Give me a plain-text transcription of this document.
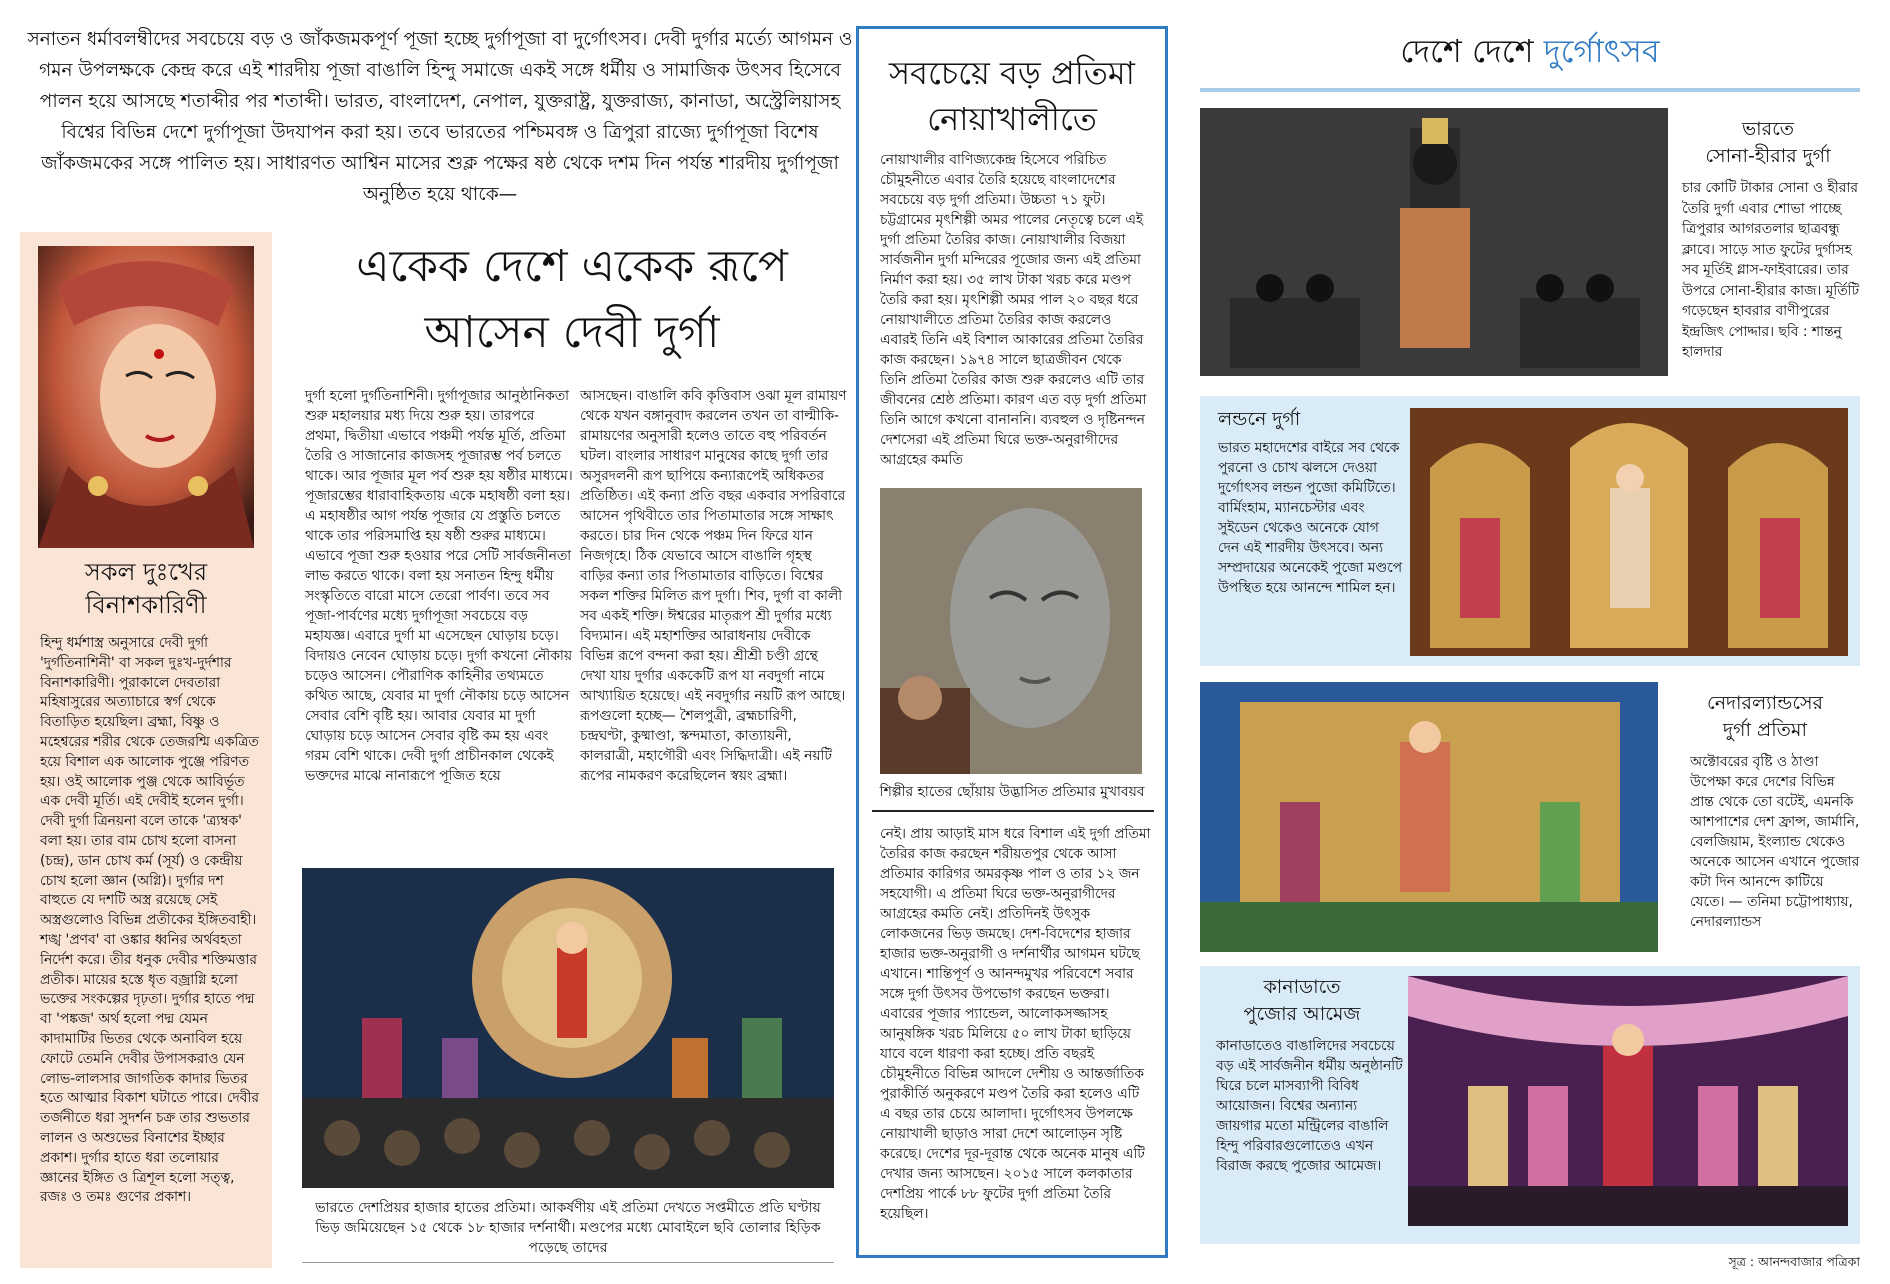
সনাতন ধর্মাবলম্বীদের সবচেয়ে বড় ও জাঁকজমকপূর্ণ পূজা হচ্ছে দুর্গাপূজা বা দুর্গোৎসব। দেবী দুর্গার মর্ত্যে আগমন ও গমন উপলক্ষকে কেন্দ্র করে এই শারদীয় পূজা বাঙালি হিন্দু সমাজে একই সঙ্গে ধর্মীয় ও সামাজিক উৎসব হিসেবে পালন হয়ে আসছে শতাব্দীর পর শতাব্দী। ভারত, বাংলাদেশ, নেপাল, যুক্তরাষ্ট্র, যুক্তরাজ্য, কানাডা, অস্ট্রেলিয়াসহ বিশ্বের বিভিন্ন দেশে দুর্গাপূজা উদযাপন করা হয়। তবে ভারতের পশ্চিমবঙ্গ ও ত্রিপুরা রাজ্যে দুর্গাপূজা বিশেষ জাঁকজমকের সঙ্গে পালিত হয়। সাধারণত আশ্বিন মাসের শুক্ল পক্ষের ষষ্ঠ থেকে দশম দিন পর্যন্ত শারদীয় দুর্গাপূজা অনুষ্ঠিত হয়ে থাকে—
সকল দুঃখের বিনাশকারিণী
হিন্দু ধর্মশাস্ত্র অনুসারে দেবী দুর্গা 'দুর্গতিনাশিনী' বা সকল দুঃখ-দুর্দশার বিনাশকারিণী। পুরাকালে দেবতারা মহিষাসুরের অত্যাচারে স্বর্গ থেকে বিতাড়িত হয়েছিল। ব্রহ্মা, বিষ্ণু ও মহেশ্বরের শরীর থেকে তেজরশ্মি একত্রিত হয়ে বিশাল এক আলোক পুঞ্জে পরিণত হয়। ওই আলোক পুঞ্জ থেকে আবির্ভূত এক দেবী মূর্তি। এই দেবীই হলেন দুর্গা। দেবী দুর্গা ত্রিনয়না বলে তাকে 'ত্র্যম্বক' বলা হয়। তার বাম চোখ হলো বাসনা (চন্দ্র), ডান চোখ কর্ম (সূর্য) ও কেন্দ্রীয় চোখ হলো জ্ঞান (অগ্নি)। দুর্গার দশ বাহুতে যে দশটি অস্ত্র রয়েছে সেই অস্ত্রগুলোও বিভিন্ন প্রতীকের ইঙ্গিতবাহী। শঙ্খ 'প্রণব' বা ওঙ্কার ধ্বনির অর্থবহতা নির্দেশ করে। তীর ধনুক দেবীর শক্তিমত্তার প্রতীক। মায়ের হস্তে ধৃত বজ্রাগ্নি হলো ভক্তের সংকল্পের দৃঢ়তা। দুর্গার হাতে পদ্ম বা 'পঙ্কজ' অর্থ হলো পদ্ম যেমন কাদামাটির ভিতর থেকে অনাবিল হয়ে ফোটে তেমনি দেবীর উপাসকরাও যেন লোভ-লালসার জাগতিক কাদার ভিতর হতে আত্মার বিকাশ ঘটাতে পারে। দেবীর তর্জনীতে ধরা সুদর্শন চক্র তার শুভতার লালন ও অশুভের বিনাশের ইচ্ছার প্রকাশ। দুর্গার হাতে ধরা তলোয়ার জ্ঞানের ইঙ্গিত ও ত্রিশূল হলো সত্ত্ব, রজঃ ও তমঃ গুণের প্রকাশ।
একেক দেশে একেক রূপে
আসেন দেবী দুর্গা
দুর্গা হলো দুর্গতিনাশিনী। দুর্গাপূজার আনুষ্ঠানিকতা শুরু মহালয়ার মধ্য দিয়ে শুরু হয়। তারপরে প্রথমা, দ্বিতীয়া এভাবে পঞ্চমী পর্যন্ত মূর্তি, প্রতিমা তৈরি ও সাজানোর কাজসহ পূজারম্ভ পর্ব চলতে থাকে। আর পূজার মূল পর্ব শুরু হয় ষষ্ঠীর মাধ্যমে। পূজারম্ভের ধারাবাহিকতায় একে মহাষষ্ঠী বলা হয়। এ মহাষষ্ঠীর আগ পর্যন্ত পূজার যে প্রস্তুতি চলতে থাকে তার পরিসমাপ্তি হয় ষষ্ঠী শুরুর মাধ্যমে। এভাবে পূজা শুরু হওয়ার পরে সেটি সার্বজনীনতা লাভ করতে থাকে। বলা হয় সনাতন হিন্দু ধর্মীয় সংস্কৃতিতে বারো মাসে তেরো পার্বণ। তবে সব পূজা-পার্বণের মধ্যে দুর্গাপূজা সবচেয়ে বড় মহাযজ্ঞ। এবারে দুর্গা মা এসেছেন ঘোড়ায় চড়ে। বিদায়ও নেবেন ঘোড়ায় চড়ে। দুর্গা কখনো নৌকায় চড়েও আসেন। পৌরাণিক কাহিনীর তথ্যমতে কথিত আছে, যেবার মা দুর্গা নৌকায় চড়ে আসেন সেবার বেশি বৃষ্টি হয়। আবার যেবার মা দুর্গা ঘোড়ায় চড়ে আসেন সেবার বৃষ্টি কম হয় এবং গরম বেশি থাকে। দেবী দুর্গা প্রাচীনকাল থেকেই ভক্তদের মাঝে নানারূপে পূজিত হয়ে
আসছেন। বাঙালি কবি কৃত্তিবাস ওঝা মূল রামায়ণ থেকে যখন বঙ্গানুবাদ করলেন তখন তা বাল্মীকি-রামায়ণের অনুসারী হলেও তাতে বহু পরিবর্তন ঘটল। বাংলার সাধারণ মানুষের কাছে দুর্গা তার অসুরদলনী রূপ ছাপিয়ে কন্যারূপেই অধিকতর প্রতিষ্ঠিত। এই কন্যা প্রতি বছর একবার সপরিবারে আসেন পৃথিবীতে তার পিতামাতার সঙ্গে সাক্ষাৎ করতে। চার দিন থেকে পঞ্চম দিন ফিরে যান নিজগৃহে। ঠিক যেভাবে আসে বাঙালি গৃহস্থ বাড়ির কন্যা তার পিতামাতার বাড়িতে। বিশ্বের সকল শক্তির মিলিত রূপ দুর্গা। শিব, দুর্গা বা কালী সব একই শক্তি। ঈশ্বরের মাতৃরূপ শ্রী দুর্গার মধ্যে বিদ্যমান। এই মহাশক্তির আরাধনায় দেবীকে বিভিন্ন রূপে বন্দনা করা হয়। শ্রীশ্রী চণ্ডী গ্রন্থে দেখা যায় দুর্গার এককেটি রূপ যা নবদুর্গা নামে আখ্যায়িত হয়েছে। এই নবদুর্গার নয়টি রূপ আছে। রূপগুলো হচ্ছে— শৈলপুত্রী, ব্রহ্মচারিণী, চন্দ্রঘণ্টা, কুষ্মাণ্ডা, স্কন্দমাতা, কাত্যায়নী, কালরাত্রী, মহাগৌরী এবং সিদ্ধিদাত্রী। এই নয়টি রূপের নামকরণ করেছিলেন স্বয়ং ব্রহ্মা।
ভারতে দেশপ্রিয়র হাজার হাতের প্রতিমা। আকর্ষণীয় এই প্রতিমা দেখতে সপ্তমীতে প্রতি ঘণ্টায় ভিড় জমিয়েছেন ১৫ থেকে ১৮ হাজার দর্শনার্থী। মণ্ডপের মধ্যে মোবাইলে ছবি তোলার হিড়িক পড়েছে তাদের
সবচেয়ে বড় প্রতিমা
নোয়াখালীতে
নোয়াখালীর বাণিজ্যকেন্দ্র হিসেবে পরিচিত চৌমুহনীতে এবার তৈরি হয়েছে বাংলাদেশের সবচেয়ে বড় দুর্গা প্রতিমা। উচ্চতা ৭১ ফুট। চট্টগ্রামের মৃৎশিল্পী অমর পালের নেতৃত্বে চলে এই দুর্গা প্রতিমা তৈরির কাজ। নোয়াখালীর বিজয়া সার্বজনীন দুর্গা মন্দিরের পূজোর জন্য এই প্রতিমা নির্মাণ করা হয়। ৩৫ লাখ টাকা খরচ করে মণ্ডপ তৈরি করা হয়। মৃৎশিল্পী অমর পাল ২০ বছর ধরে নোয়াখালীতে প্রতিমা তৈরির কাজ করলেও এবারই তিনি এই বিশাল আকারের প্রতিমা তৈরির কাজ করছেন। ১৯৭৪ সালে ছাত্রজীবন থেকে তিনি প্রতিমা তৈরির কাজ শুরু করলেও এটি তার জীবনের শ্রেষ্ঠ প্রতিমা। কারণ এত বড় দুর্গা প্রতিমা তিনি আগে কখনো বানাননি। ব্যবহুল ও দৃষ্টিনন্দন দেশসেরা এই প্রতিমা ঘিরে ভক্ত-অনুরাগীদের আগ্রহের কমতি
শিল্পীর হাতের ছোঁয়ায় উদ্ভাসিত প্রতিমার মুখাবয়ব
নেই। প্রায় আড়াই মাস ধরে বিশাল এই দুর্গা প্রতিমা তৈরির কাজ করছেন শরীয়তপুর থেকে আসা প্রতিমার কারিগর অমরকৃষ্ণ পাল ও তার ১২ জন সহযোগী। এ প্রতিমা ঘিরে ভক্ত-অনুরাগীদের আগ্রহের কমতি নেই। প্রতিদিনই উৎসুক লোকজনের ভিড় জমছে। দেশ-বিদেশের হাজার হাজার ভক্ত-অনুরাগী ও দর্শনার্থীর আগমন ঘটছে এখানে। শান্তিপূর্ণ ও আনন্দমুখর পরিবেশে সবার সঙ্গে দুর্গা উৎসব উপভোগ করছেন ভক্তরা। এবারের পূজার প্যান্ডেল, আলোকসজ্জাসহ আনুষঙ্গিক খরচ মিলিয়ে ৫০ লাখ টাকা ছাড়িয়ে যাবে বলে ধারণা করা হচ্ছে। প্রতি বছরই চৌমুহনীতে বিভিন্ন আদলে দেশীয় ও আন্তর্জাতিক পুরাকীর্তি অনুকরণে মণ্ডপ তৈরি করা হলেও এটি এ বছর তার চেয়ে আলাদা। দুর্গোৎসব উপলক্ষে নোয়াখালী ছাড়াও সারা দেশে আলোড়ন সৃষ্টি করেছে। দেশের দূর-দূরান্ত থেকে অনেক মানুষ এটি দেখার জন্য আসছেন। ২০১৫ সালে কলকাতার দেশপ্রিয় পার্কে ৮৮ ফুটের দুর্গা প্রতিমা তৈরি হয়েছিল।
দেশে দেশে দুর্গোৎসব
ভারতে
সোনা-হীরার দুর্গা
চার কোটি টাকার সোনা ও হীরার তৈরি দুর্গা এবার শোভা পাচ্ছে ত্রিপুরার আগরতলার ছাত্রবন্ধু ক্লাবে। সাড়ে সাত ফুটের দুর্গাসহ সব মূর্তিই গ্লাস-ফাইবারের। তার উপরে সোনা-হীরার কাজ। মূর্তিটি গড়েছেন হাবরার বাণীপুরের ইন্দ্রজিৎ পোদ্দার। ছবি : শান্তনু হালদার
লন্ডনে দুর্গা
ভারত মহাদেশের বাইরে সব থেকে পুরনো ও চোখ ঝলসে দেওয়া দুর্গোৎসব লন্ডন পুজো কমিটিতে। বার্মিংহাম, ম্যানচেস্টার এবং সুইডেন থেকেও অনেকে যোগ দেন এই শারদীয় উৎসবে। অন্য সম্প্রদায়ের অনেকেই পুজো মণ্ডপে উপস্থিত হয়ে আনন্দে শামিল হন।
নেদারল্যান্ডসের
দুর্গা প্রতিমা
অক্টোবরের বৃষ্টি ও ঠাণ্ডা উপেক্ষা করে দেশের বিভিন্ন প্রান্ত থেকে তো বটেই, এমনকি আশপাশের দেশ ফ্রান্স, জার্মানি, বেলজিয়াম, ইংল্যান্ড থেকেও অনেকে আসেন এখানে পুজোর কটা দিন আনন্দে কাটিয়ে যেতে। — তনিমা চট্টোপাধ্যায়, নেদারল্যান্ডস
কানাডাতে
পুজোর আমেজ
কানাডাতেও বাঙালিদের সবচেয়ে বড় এই সার্বজনীন ধর্মীয় অনুষ্ঠানটি ঘিরে চলে মাসব্যাপী বিবিধ আয়োজন। বিশ্বের অন্যান্য জায়গার মতো মন্ট্রিলের বাঙালি হিন্দু পরিবারগুলোতেও এখন বিরাজ করছে পুজোর আমেজ।
সূত্র : আনন্দবাজার পত্রিকা
